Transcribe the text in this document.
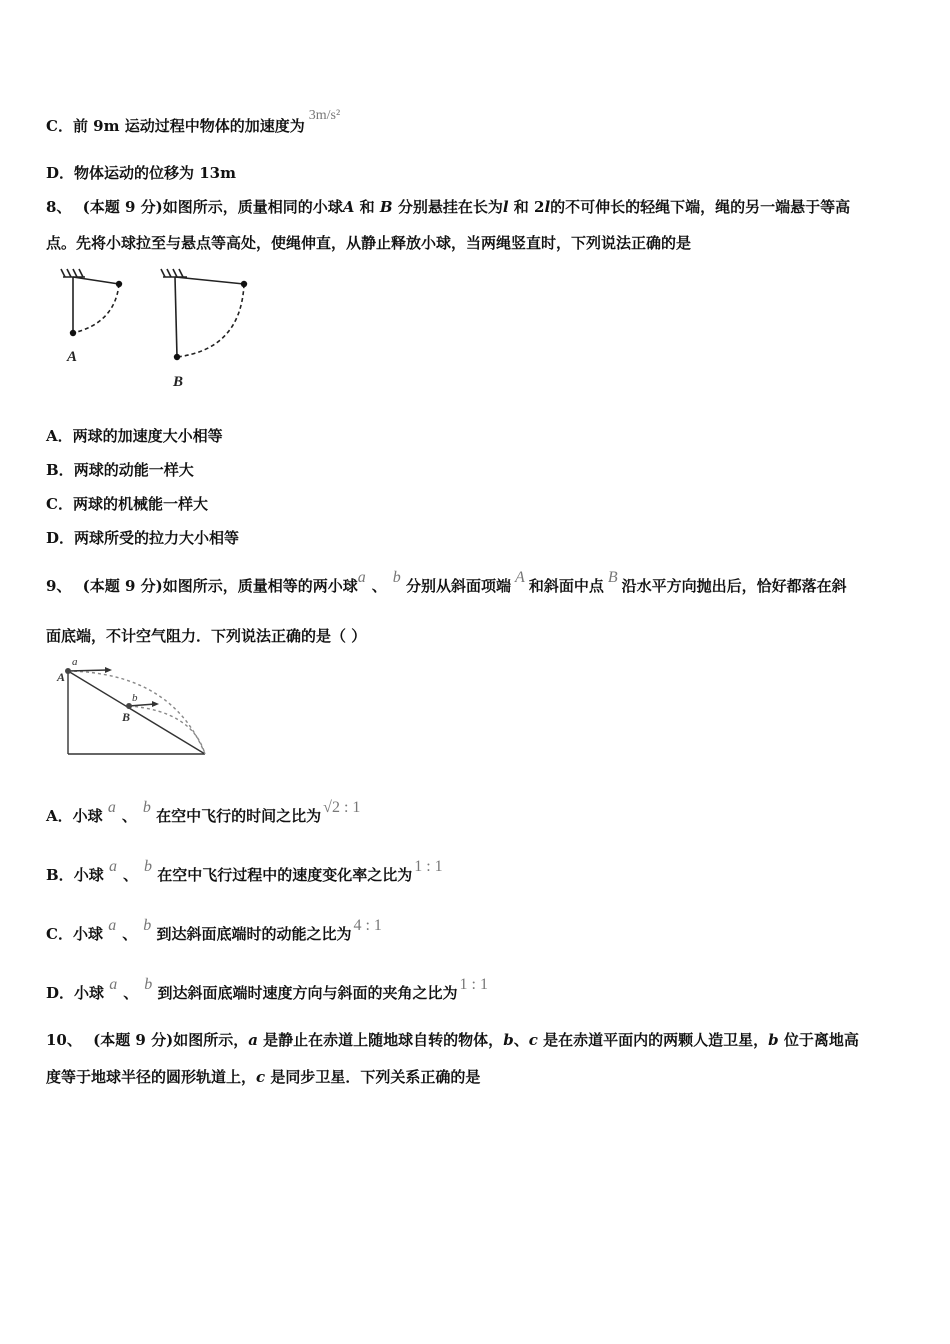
C．前 9m 运动过程中物体的加速度为3m/s²
D．物体运动的位移为 13m
8、 (本题 9 分)如图所示，质量相同的小球A 和 B 分别悬挂在长为l 和 2l的不可伸长的轻绳下端，绳的另一端悬于等高
点。先将小球拉至与悬点等高处，使绳伸直，从静止释放小球，当两绳竖直时，下列说法正确的是
A
B
A．两球的加速度大小相等
B．两球的动能一样大
C．两球的机械能一样大
D．两球所受的拉力大小相等
9、 (本题 9 分)如图所示，质量相等的两小球a 、 b 分别从斜面项端 A 和斜面中点 B 沿水平方向抛出后，恰好都落在斜
面底端，不计空气阻力．下列说法正确的是（ ）
A
a
B
b
A．小球 a 、 b 在空中飞行的时间之比为 √2 : 1
B．小球 a 、 b 在空中飞行过程中的速度变化率之比为 1 : 1
C．小球 a 、 b 到达斜面底端时的动能之比为 4 : 1
D．小球 a 、 b 到达斜面底端时速度方向与斜面的夹角之比为 1 : 1
10、 (本题 9 分)如图所示，a 是静止在赤道上随地球自转的物体，b、c 是在赤道平面内的两颗人造卫星，b 位于离地高
度等于地球半径的圆形轨道上，c 是同步卫星．下列关系正确的是
